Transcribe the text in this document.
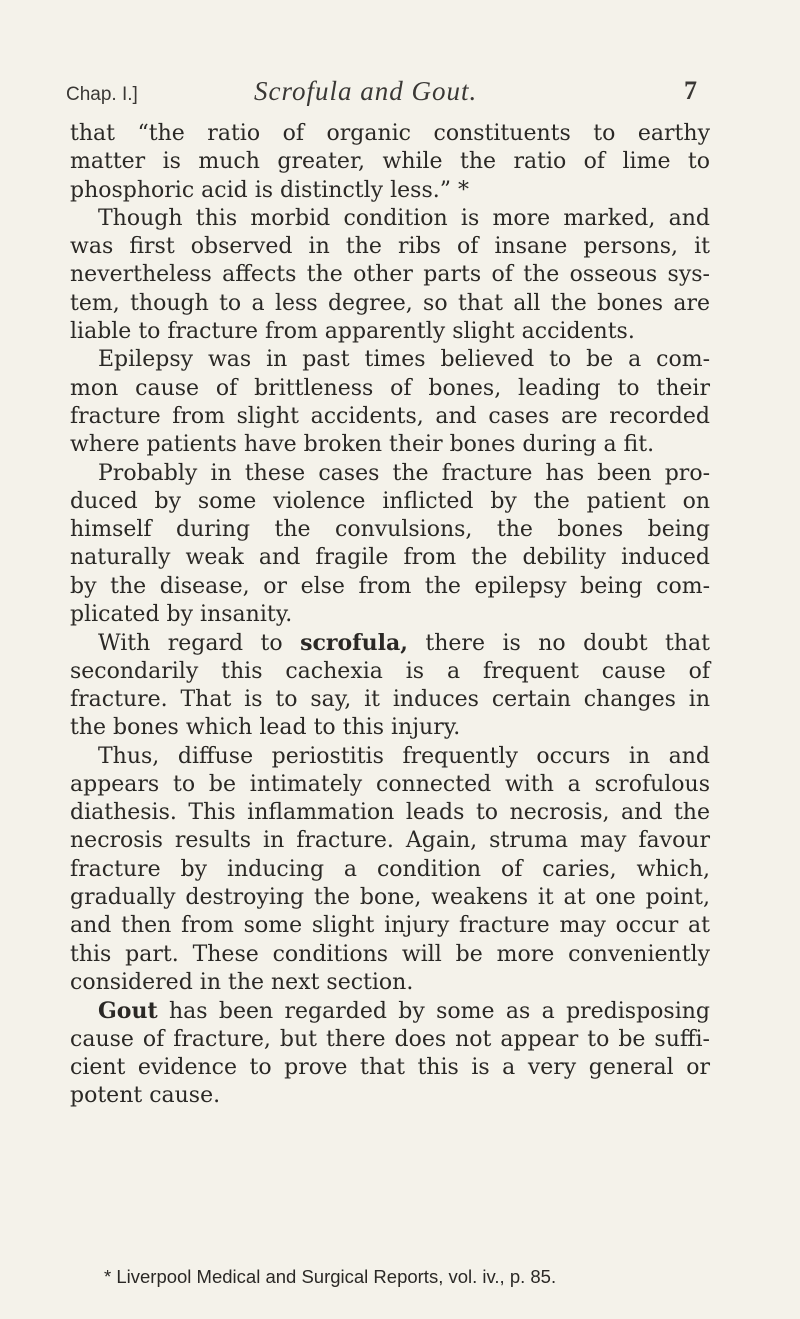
Chap. I.]	Scrofula and Gout.	7
that “the ratio of organic constituents to earthy
matter is much greater, while the ratio of lime to
phosphoric acid is distinctly less.” *
Though this morbid condition is more marked, and
was first observed in the ribs of insane persons, it
nevertheless affects the other parts of the osseous sys-
tem, though to a less degree, so that all the bones are
liable to fracture from apparently slight accidents.
Epilepsy was in past times believed to be a com-
mon cause of brittleness of bones, leading to their
fracture from slight accidents, and cases are recorded
where patients have broken their bones during a fit.
Probably in these cases the fracture has been pro-
duced by some violence inflicted by the patient on
himself during the convulsions, the bones being
naturally weak and fragile from the debility induced
by the disease, or else from the epilepsy being com-
plicated by insanity.
With regard to scrofula, there is no doubt that
secondarily this cachexia is a frequent cause of
fracture. That is to say, it induces certain changes in
the bones which lead to this injury.
Thus, diffuse periostitis frequently occurs in and
appears to be intimately connected with a scrofulous
diathesis. This inflammation leads to necrosis, and the
necrosis results in fracture. Again, struma may favour
fracture by inducing a condition of caries, which,
gradually destroying the bone, weakens it at one point,
and then from some slight injury fracture may occur at
this part. These conditions will be more conveniently
considered in the next section.
Gout has been regarded by some as a predisposing
cause of fracture, but there does not appear to be suffi-
cient evidence to prove that this is a very general or
potent cause.
* Liverpool Medical and Surgical Reports, vol. iv., p. 85.
